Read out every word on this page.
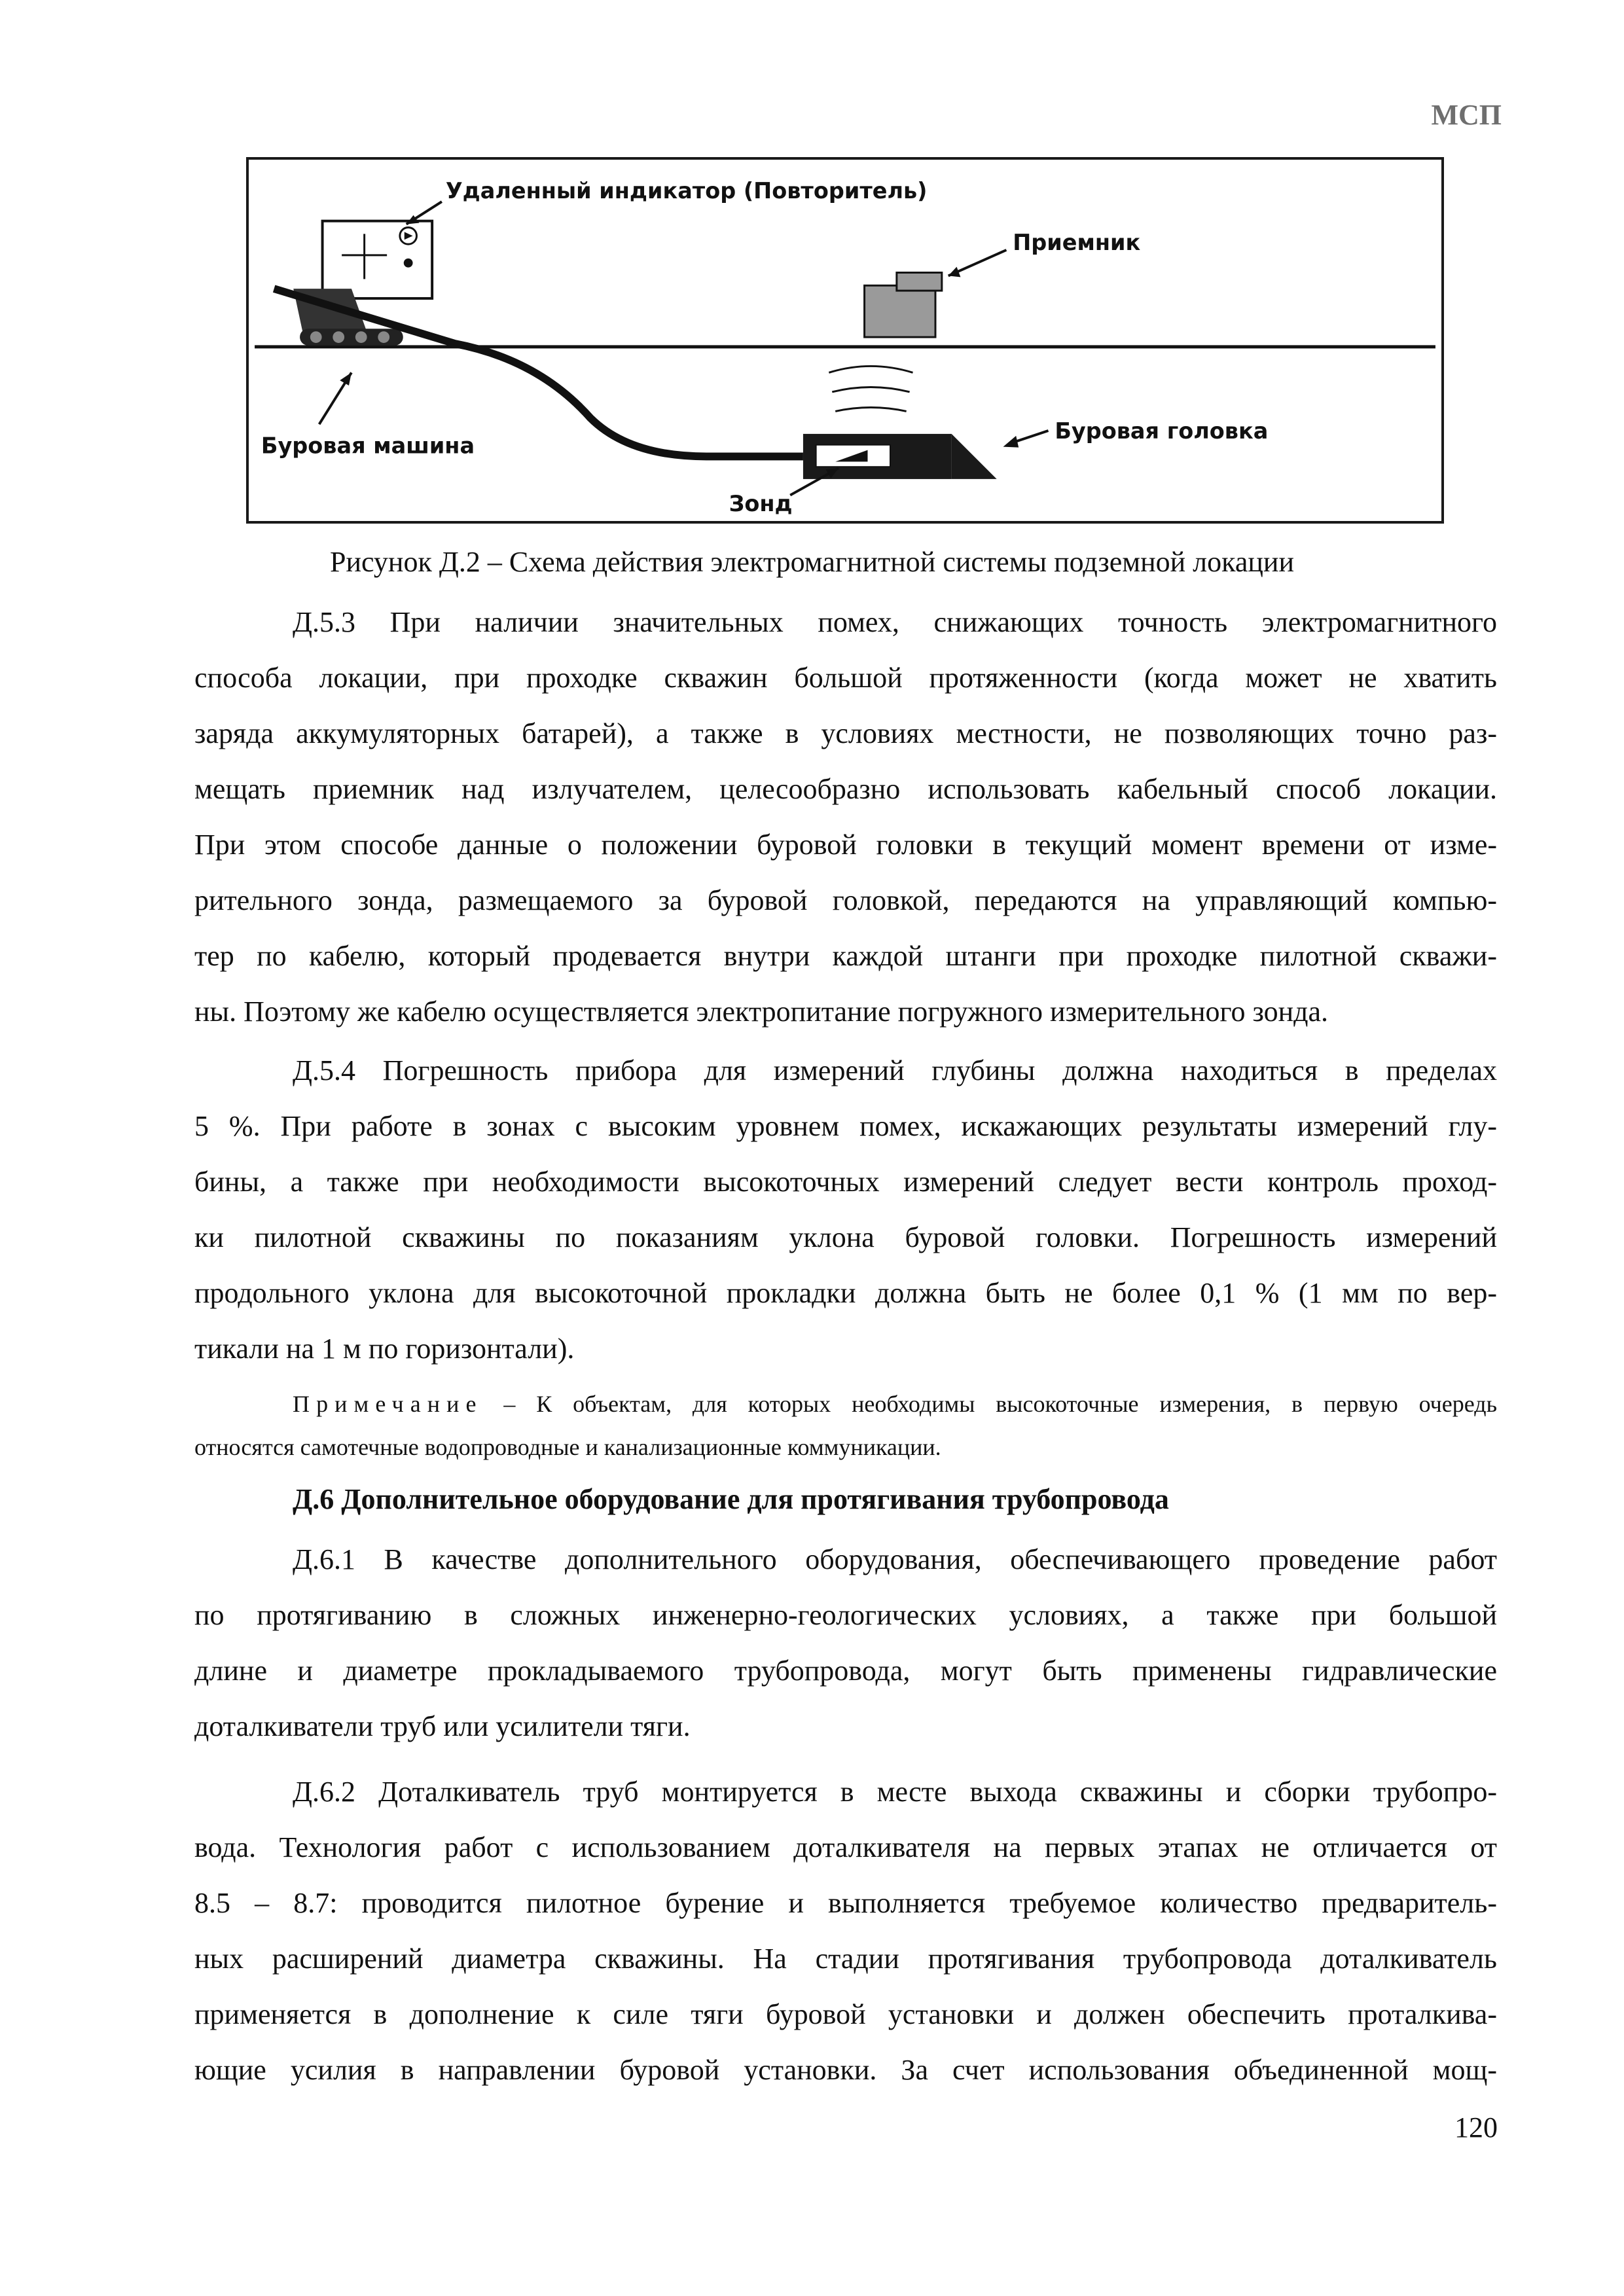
МСП
Удаленный индикатор (Повторитель)
Буровая машина
Приемник
Буровая головка
Зонд
Рисунок Д.2 – Схема действия электромагнитной системы подземной локации
Д.5.3 При наличии значительных помех, снижающих точность электромагнитного
способа локации, при проходке скважин большой протяженности (когда может не хватить
заряда аккумуляторных батарей), а также в условиях местности, не позволяющих точно раз-
мещать приемник над излучателем, целесообразно использовать кабельный способ локации.
При этом способе данные о положении буровой головки в текущий момент времени от изме-
рительного зонда, размещаемого за буровой головкой, передаются на управляющий компью-
тер по кабелю, который продевается внутри каждой штанги при проходке пилотной скважи-
ны. Поэтому же кабелю осуществляется электропитание погружного измерительного зонда.
Д.5.4 Погрешность прибора для измерений глубины должна находиться в пределах
5 %. При работе в зонах с высоким уровнем помех, искажающих результаты измерений глу-
бины, а также при необходимости высокоточных измерений следует вести контроль проход-
ки пилотной скважины по показаниям уклона буровой головки. Погрешность измерений
продольного уклона для высокоточной прокладки должна быть не более 0,1 % (1 мм по вер-
тикали на 1 м по горизонтали).
Примечание – К объектам, для которых необходимы высокоточные измерения, в первую очередь
относятся самотечные водопроводные и канализационные коммуникации.
Д.6 Дополнительное оборудование для протягивания трубопровода
Д.6.1 В качестве дополнительного оборудования, обеспечивающего проведение работ
по протягиванию в сложных инженерно-геологических условиях, а также при большой
длине и диаметре прокладываемого трубопровода, могут быть применены гидравлические
доталкиватели труб или усилители тяги.
Д.6.2 Доталкиватель труб монтируется в месте выхода скважины и сборки трубопро-
вода. Технология работ с использованием доталкивателя на первых этапах не отличается от
8.5 – 8.7: проводится пилотное бурение и выполняется требуемое количество предваритель-
ных расширений диаметра скважины. На стадии протягивания трубопровода доталкиватель
применяется в дополнение к силе тяги буровой установки и должен обеспечить проталкива-
ющие усилия в направлении буровой установки. За счет использования объединенной мощ-
120
